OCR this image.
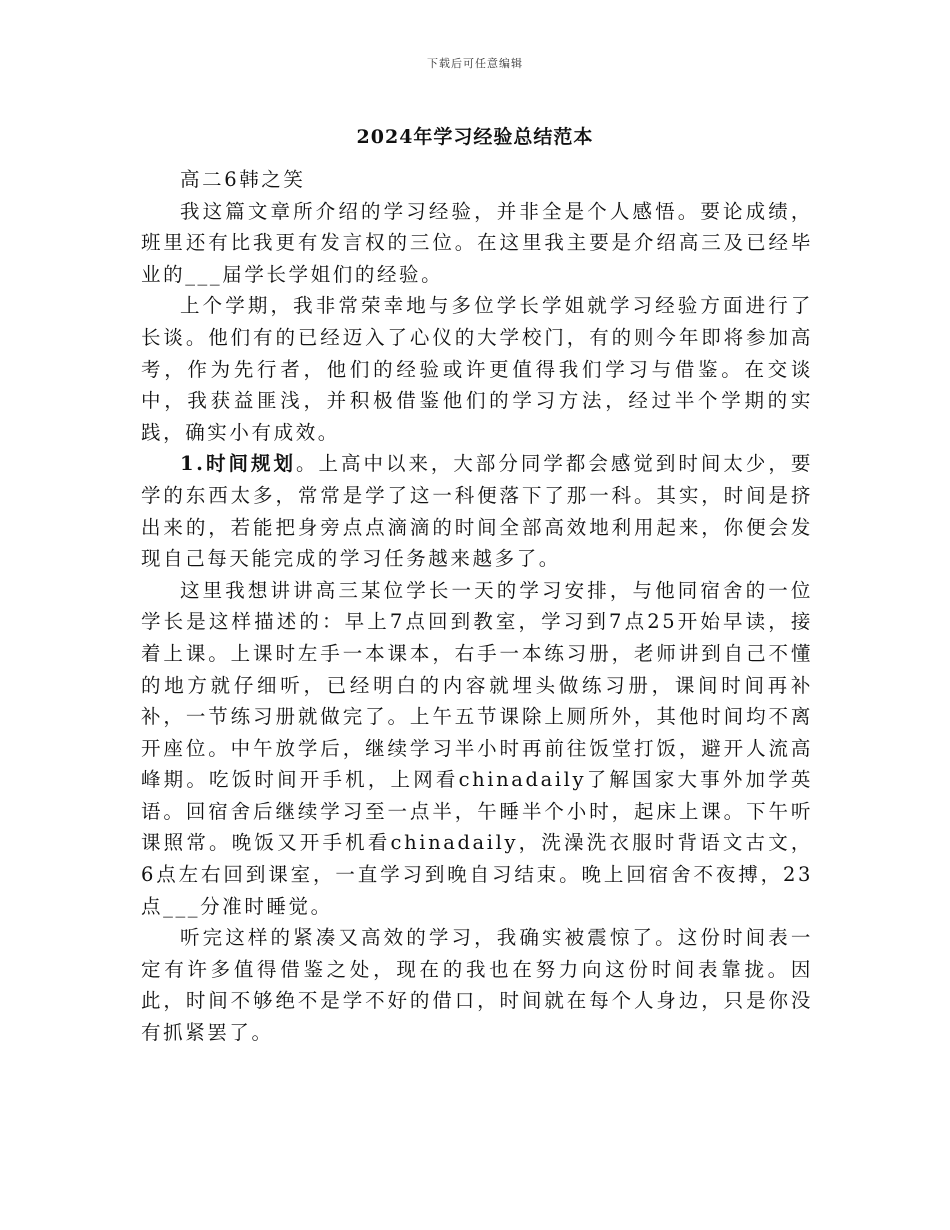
下载后可任意编辑
2024年学习经验总结范本

高二6韩之笑

我这篇文章所介绍的学习经验，并非全是个人感悟。要论成绩，班里还有比我更有发言权的三位。在这里我主要是介绍高三及已经毕业的___届学长学姐们的经验。

上个学期，我非常荣幸地与多位学长学姐就学习经验方面进行了长谈。他们有的已经迈入了心仪的大学校门，有的则今年即将参加高考，作为先行者，他们的经验或许更值得我们学习与借鉴。在交谈中，我获益匪浅，并积极借鉴他们的学习方法，经过半个学期的实践，确实小有成效。

1.时间规划。上高中以来，大部分同学都会感觉到时间太少，要学的东西太多，常常是学了这一科便落下了那一科。其实，时间是挤出来的，若能把身旁点点滴滴的时间全部高效地利用起来，你便会发现自己每天能完成的学习任务越来越多了。

这里我想讲讲高三某位学长一天的学习安排，与他同宿舍的一位学长是这样描述的：早上7点回到教室，学习到7点25开始早读，接着上课。上课时左手一本课本，右手一本练习册，老师讲到自己不懂的地方就仔细听，已经明白的内容就埋头做练习册，课间时间再补补，一节练习册就做完了。上午五节课除上厕所外，其他时间均不离开座位。中午放学后，继续学习半小时再前往饭堂打饭，避开人流高峰期。吃饭时间开手机，上网看chinadaily了解国家大事外加学英语。回宿舍后继续学习至一点半，午睡半个小时，起床上课。下午听课照常。晚饭又开手机看chinadaily，洗澡洗衣服时背语文古文，6点左右回到课室，一直学习到晚自习结束。晚上回宿舍不夜搏，23点___分准时睡觉。

听完这样的紧凑又高效的学习，我确实被震惊了。这份时间表一定有许多值得借鉴之处，现在的我也在努力向这份时间表靠拢。因此，时间不够绝不是学不好的借口，时间就在每个人身边，只是你没有抓紧罢了。
